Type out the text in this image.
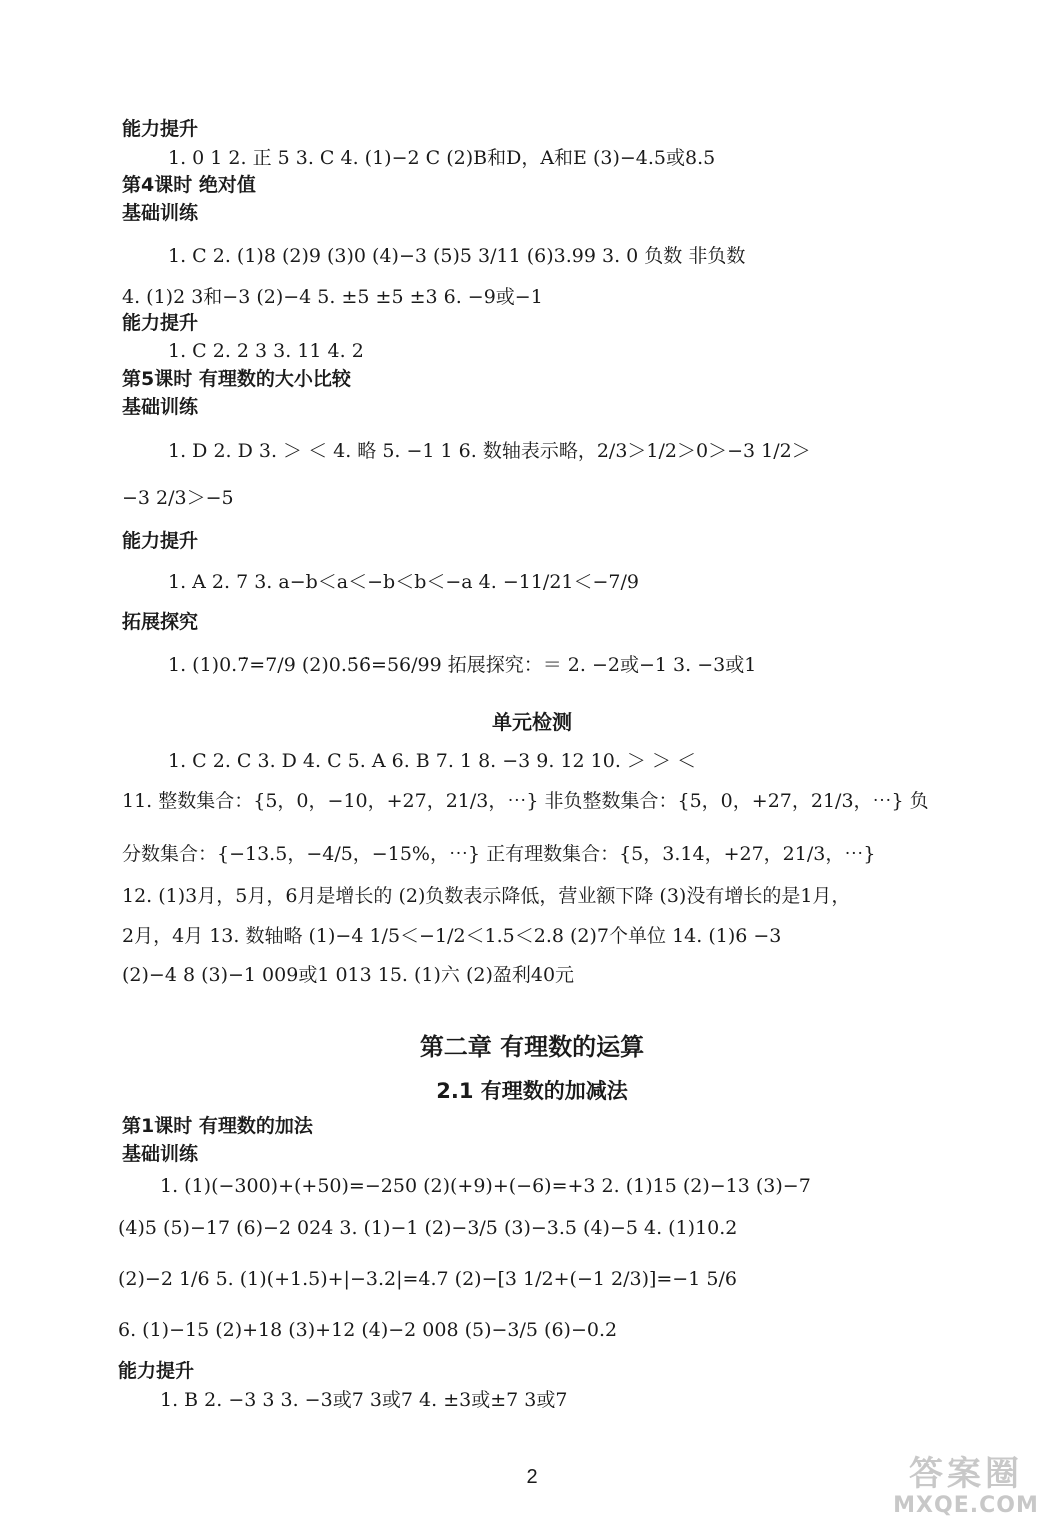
能力提升
1. 0 1 2. 正 5 3. C 4. (1)−2 C (2)B和D，A和E (3)−4.5或8.5
第4课时 绝对值
基础训练
1. C 2. (1)8 (2)9 (3)0 (4)−3 (5)5 3/11 (6)3.99 3. 0 负数 非负数
4. (1)2 3和−3 (2)−4 5. ±5 ±5 ±3 6. −9或−1
能力提升
1. C 2. 2 3 3. 11 4. 2
第5课时 有理数的大小比较
基础训练
1. D 2. D 3. ＞ ＜ 4. 略 5. −1 1 6. 数轴表示略，2/3＞1/2＞0＞−3 1/2＞
−3 2/3＞−5
能力提升
1. A 2. 7 3. a−b＜a＜−b＜b＜−a 4. −11/21＜−7/9
拓展探究
1. (1)0.7̇=7/9 (2)0.5̇6̇=56/99 拓展探究：＝ 2. −2或−1 3. −3或1
单元检测
1. C 2. C 3. D 4. C 5. A 6. B 7. 1 8. −3 9. 12 10. ＞ ＞ ＜
11. 整数集合：{5，0，−10，+27，21/3，⋯} 非负整数集合：{5，0，+27，21/3，⋯} 负
分数集合：{−13.5，−4/5，−15%，⋯} 正有理数集合：{5，3.14，+27，21/3，⋯}
12. (1)3月，5月，6月是增长的 (2)负数表示降低，营业额下降 (3)没有增长的是1月，
2月，4月 13. 数轴略 (1)−4 1/5＜−1/2＜1.5＜2.8 (2)7个单位 14. (1)6 −3
(2)−4 8 (3)−1 009或1 013 15. (1)六 (2)盈利40元
第二章 有理数的运算
2.1 有理数的加减法
第1课时 有理数的加法
基础训练
1. (1)(−300)+(+50)=−250 (2)(+9)+(−6)=+3 2. (1)15 (2)−13 (3)−7
(4)5 (5)−17 (6)−2 024 3. (1)−1 (2)−3/5 (3)−3.5 (4)−5 4. (1)10.2
(2)−2 1/6 5. (1)(+1.5)+|−3.2|=4.7 (2)−[3 1/2+(−1 2/3)]=−1 5/6
6. (1)−15 (2)+18 (3)+12 (4)−2 008 (5)−3/5 (6)−0.2
能力提升
1. B 2. −3 3 3. −3或7 3或7 4. ±3或±7 3或7
2	答案圈
MXQE.COM
